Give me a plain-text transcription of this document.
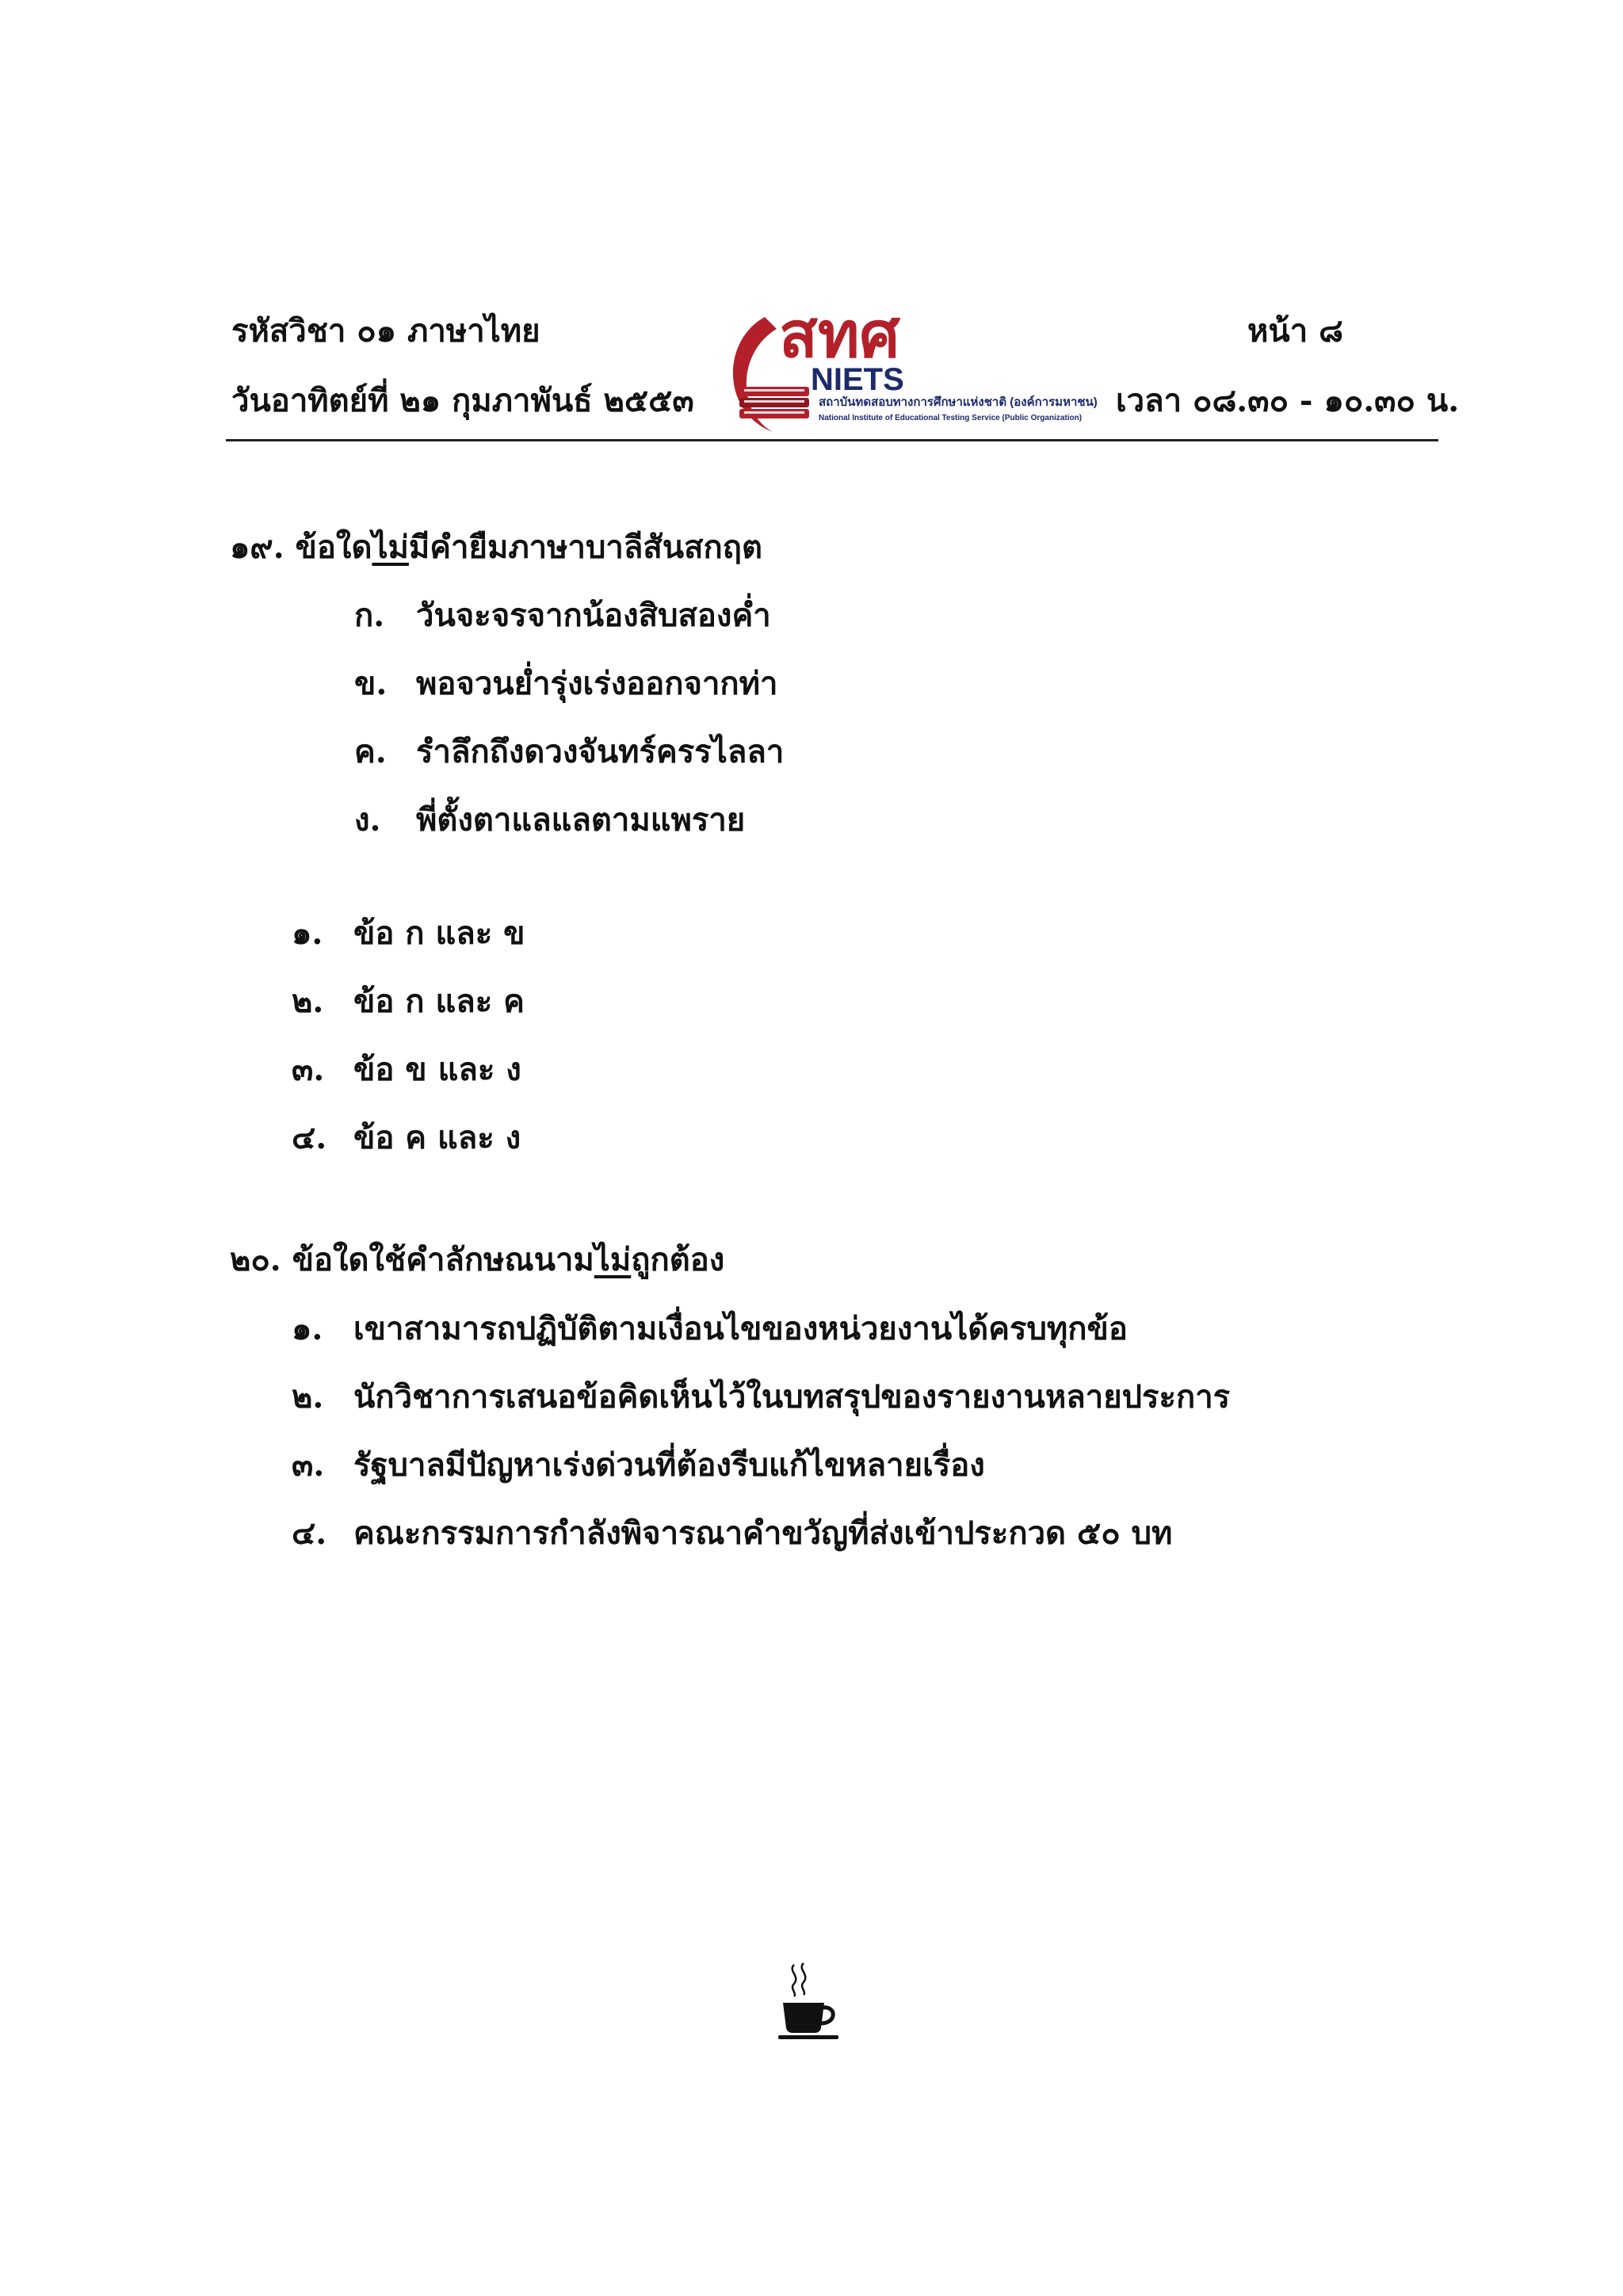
รหัสวิชา ๐๑ ภาษาไทย
วันอาทิตย์ที่ ๒๑ กุมภาพันธ์ ๒๕๕๓
หน้า ๘
เวลา ๐๘.๓๐ - ๑๐.๓๐ น.
สทศ
NIETS
สถาบันทดสอบทางการศึกษาแห่งชาติ (องค์การมหาชน)
National Institute of Educational Testing Service (Public Organization)
๑๙. ข้อใดไม่มีคำยืมภาษาบาลีสันสกฤต
ก. วันจะจรจากน้องสิบสองค่ำ
ข. พอจวนย่ำรุ่งเร่งออกจากท่า
ค. รำลึกถึงดวงจันทร์ครรไลลา
ง. พี่ตั้งตาแลแลตามแพราย
๑. ข้อ ก และ ข
๒. ข้อ ก และ ค
๓. ข้อ ข และ ง
๔. ข้อ ค และ ง
๒๐. ข้อใดใช้คำลักษณนามไม่ถูกต้อง
๑. เขาสามารถปฏิบัติตามเงื่อนไขของหน่วยงานได้ครบทุกข้อ
๒. นักวิชาการเสนอข้อคิดเห็นไว้ในบทสรุปของรายงานหลายประการ
๓. รัฐบาลมีปัญหาเร่งด่วนที่ต้องรีบแก้ไขหลายเรื่อง
๔. คณะกรรมการกำลังพิจารณาคำขวัญที่ส่งเข้าประกวด ๕๐ บท
